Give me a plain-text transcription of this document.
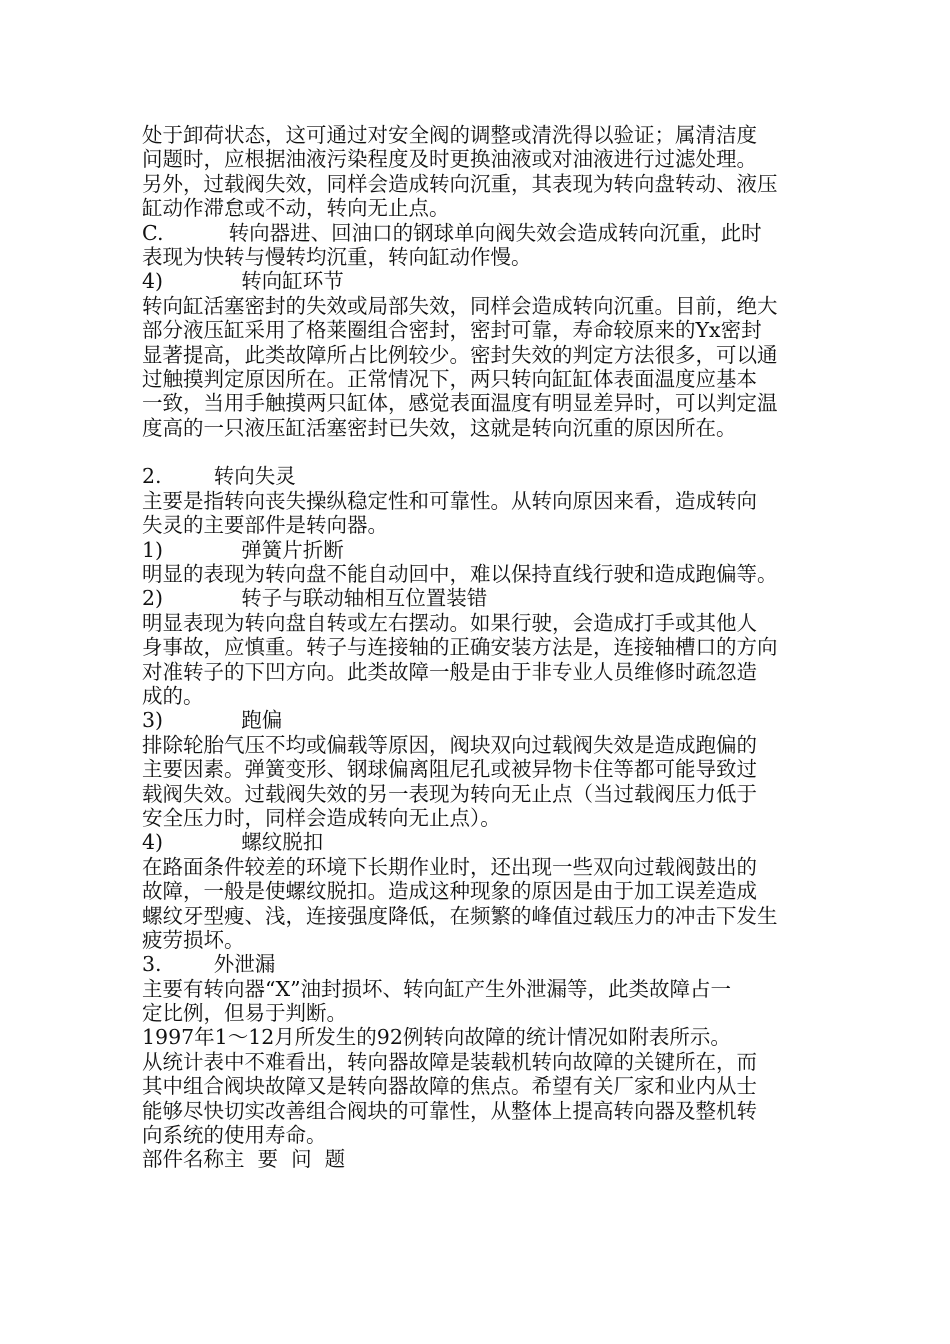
处于卸荷状态，这可通过对安全阀的调整或清洗得以验证；属清洁度
问题时，应根据油液污染程度及时更换油液或对油液进行过滤处理。
另外，过载阀失效，同样会造成转向沉重，其表现为转向盘转动、液压
缸动作滞怠或不动，转向无止点。
C.          转向器进、回油口的钢球单向阀失效会造成转向沉重，此时
表现为快转与慢转均沉重，转向缸动作慢。
4)            转向缸环节
转向缸活塞密封的失效或局部失效，同样会造成转向沉重。目前，绝大
部分液压缸采用了格莱圈组合密封，密封可靠，寿命较原来的Yx密封
显著提高，此类故障所占比例较少。密封失效的判定方法很多，可以通
过触摸判定原因所在。正常情况下，两只转向缸缸体表面温度应基本
一致，当用手触摸两只缸体，感觉表面温度有明显差异时，可以判定温
度高的一只液压缸活塞密封已失效，这就是转向沉重的原因所在。
2.        转向失灵
主要是指转向丧失操纵稳定性和可靠性。从转向原因来看，造成转向
失灵的主要部件是转向器。
1)            弹簧片折断
明显的表现为转向盘不能自动回中，难以保持直线行驶和造成跑偏等。
2)            转子与联动轴相互位置装错
明显表现为转向盘自转或左右摆动。如果行驶，会造成打手或其他人
身事故，应慎重。转子与连接轴的正确安装方法是，连接轴槽口的方向
对准转子的下凹方向。此类故障一般是由于非专业人员维修时疏忽造
成的。
3)            跑偏
排除轮胎气压不均或偏载等原因，阀块双向过载阀失效是造成跑偏的
主要因素。弹簧变形、钢球偏离阻尼孔或被异物卡住等都可能导致过
载阀失效。过载阀失效的另一表现为转向无止点（当过载阀压力低于
安全压力时，同样会造成转向无止点）。
4)            螺纹脱扣
在路面条件较差的环境下长期作业时，还出现一些双向过载阀鼓出的
故障，一般是使螺纹脱扣。造成这种现象的原因是由于加工误差造成
螺纹牙型瘦、浅，连接强度降低，在频繁的峰值过载压力的冲击下发生
疲劳损坏。
3.        外泄漏
主要有转向器“X”油封损坏、转向缸产生外泄漏等，此类故障占一
定比例，但易于判断。
1997年1～12月所发生的92例转向故障的统计情况如附表所示。
从统计表中不难看出，转向器故障是装载机转向故障的关键所在，而
其中组合阀块故障又是转向器故障的焦点。希望有关厂家和业内从士
能够尽快切实改善组合阀块的可靠性，从整体上提高转向器及整机转
向系统的使用寿命。
部件名称主  要  问  题
